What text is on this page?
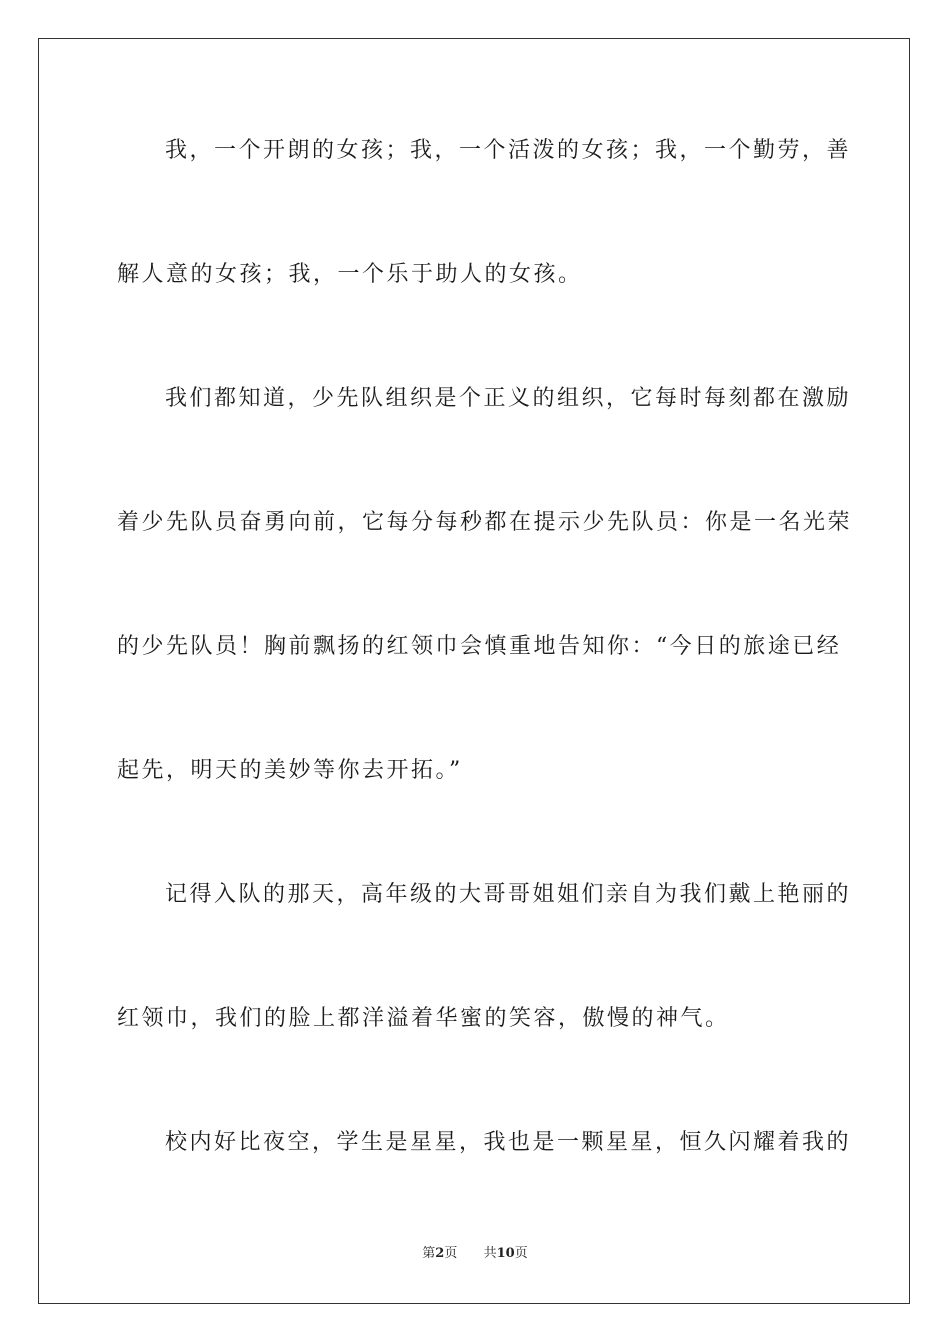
我，一个开朗的女孩；我，一个活泼的女孩；我，一个勤劳，善
解人意的女孩；我，一个乐于助人的女孩。
我们都知道，少先队组织是个正义的组织，它每时每刻都在激励
着少先队员奋勇向前，它每分每秒都在提示少先队员：你是一名光荣
的少先队员！胸前飘扬的红领巾会慎重地告知你：“今日的旅途已经
起先，明天的美妙等你去开拓。”
记得入队的那天，高年级的大哥哥姐姐们亲自为我们戴上艳丽的
红领巾，我们的脸上都洋溢着华蜜的笑容，傲慢的神气。
校内好比夜空，学生是星星，我也是一颗星星，恒久闪耀着我的
第2页 共10页
